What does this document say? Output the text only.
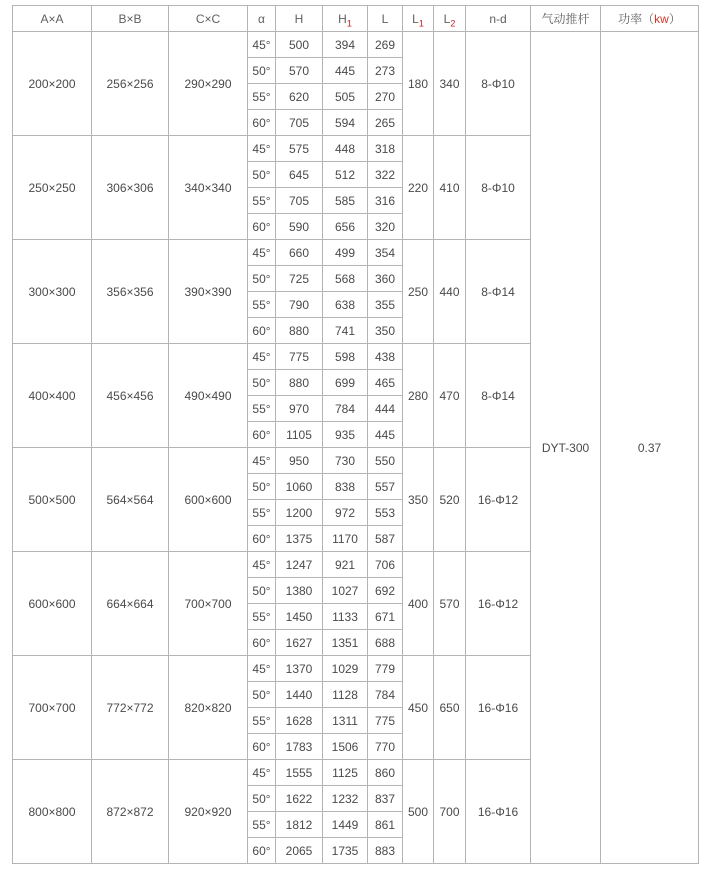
A×A	B×B	C×C	α	H	$H_1$	L	$L_1$	$L_2$	n-d	气动推杆	功率（kw）
200×200	256×256	290×290	45°	500	394	269	180	340	8-Φ10	DYT-300	0.37
			50°	570	445	273					
			55°	620	505	270					
			60°	705	594	265					
250×250	306×306	340×340	45°	575	448	318	220	410	8-Φ10		
			50°	645	512	322					
			55°	705	585	316					
			60°	590	656	320					
300×300	356×356	390×390	45°	660	499	354	250	440	8-Φ14		
			50°	725	568	360					
			55°	790	638	355					
			60°	880	741	350					
400×400	456×456	490×490	45°	775	598	438	280	470	8-Φ14		
			50°	880	699	465					
			55°	970	784	444					
			60°	1105	935	445					
500×500	564×564	600×600	45°	950	730	550	350	520	16-Φ12		
			50°	1060	838	557					
			55°	1200	972	553					
			60°	1375	1170	587					
600×600	664×664	700×700	45°	1247	921	706	400	570	16-Φ12		
			50°	1380	1027	692					
			55°	1450	1133	671					
			60°	1627	1351	688					
700×700	772×772	820×820	45°	1370	1029	779	450	650	16-Φ16		
			50°	1440	1128	784					
			55°	1628	1311	775					
			60°	1783	1506	770					
800×800	872×872	920×920	45°	1555	1125	860	500	700	16-Φ16		
			50°	1622	1232	837					
			55°	1812	1449	861					
			60°	2065	1735	883					
